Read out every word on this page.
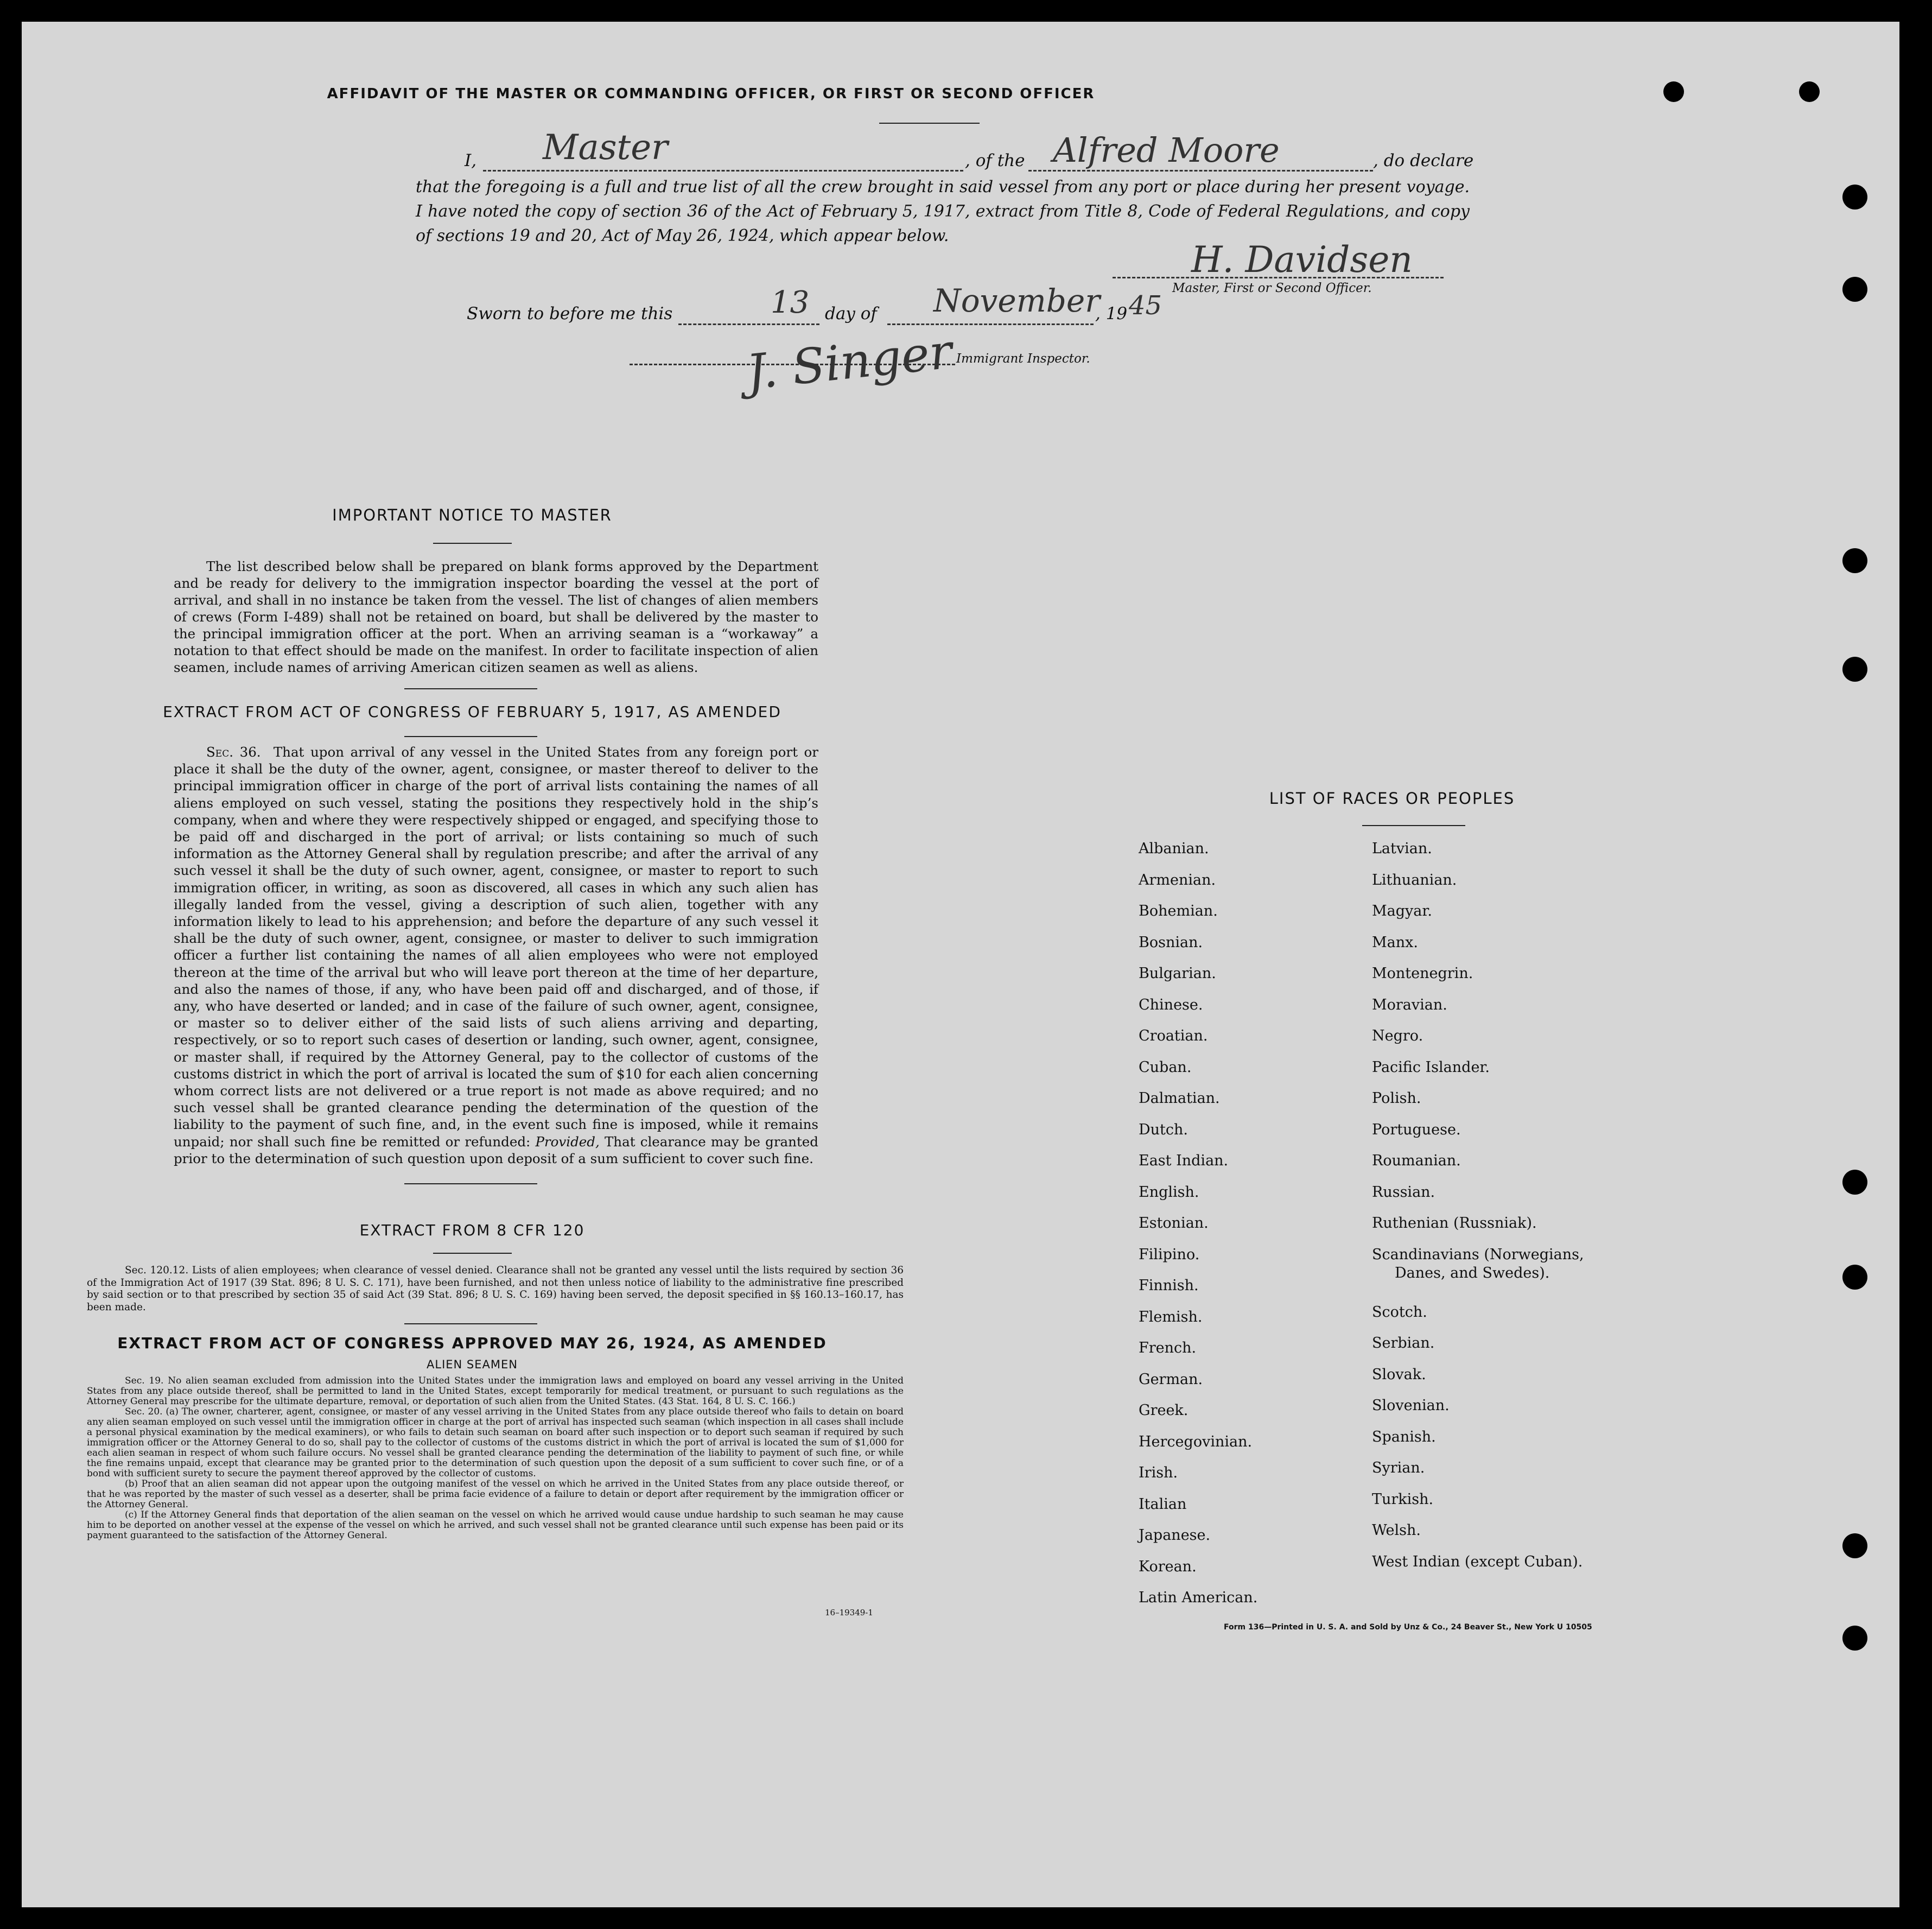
AFFIDAVIT OF THE MASTER OR COMMANDING OFFICER, OR FIRST OR SECOND OFFICER
I, Master	, of the Alfred Moore	, do declare
that the foregoing is a full and true list of all the crew brought in said vessel from any port or place during her present voyage. I have noted the copy of section 36 of the Act of February 5, 1917, extract from Title 8, Code of Federal Regulations, and copy of sections 19 and 20, Act of May 26, 1924, which appear below.
H. Davidsen
Master, First or Second Officer.
Sworn to before me this	13 day of November
, 19 45
J. Singer Immigrant Inspector.
IMPORTANT NOTICE TO MASTER
The list described below shall be prepared on blank forms approved by the Department and be ready for delivery to the immigration inspector boarding the vessel at the port of arrival, and shall in no instance be taken from the vessel. The list of changes of alien members of crews (Form I-489) shall not be retained on board, but shall be delivered by the master to the principal immigration officer at the port. When an arriving seaman is a “workaway” a notation to that effect should be made on the manifest. In order to facilitate inspection of alien seamen, include names of arriving American citizen seamen as well as aliens.
EXTRACT FROM ACT OF CONGRESS OF FEBRUARY 5, 1917, AS AMENDED
Sec. 36. That upon arrival of any vessel in the United States from any foreign port or place it shall be the duty of the owner, agent, consignee, or master thereof to deliver to the principal immigration officer in charge of the port of arrival lists containing the names of all aliens employed on such vessel, stating the positions they respectively hold in the ship’s company, when and where they were respectively shipped or engaged, and specifying those to be paid off and discharged in the port of arrival; or lists containing so much of such information as the Attorney General shall by regulation prescribe; and after the arrival of any such vessel it shall be the duty of such owner, agent, consignee, or master to report to such immigration officer, in writing, as soon as discovered, all cases in which any such alien has illegally landed from the vessel, giving a description of such alien, together with any information likely to lead to his apprehension; and before the departure of any such vessel it shall be the duty of such owner, agent, consignee, or master to deliver to such immigration officer a further list containing the names of all alien employees who were not employed thereon at the time of the arrival but who will leave port thereon at the time of her departure, and also the names of those, if any, who have been paid off and discharged, and of those, if any, who have deserted or landed; and in case of the failure of such owner, agent, consignee, or master so to deliver either of the said lists of such aliens arriving and departing, respectively, or so to report such cases of desertion or landing, such owner, agent, consignee, or master shall, if required by the Attorney General, pay to the collector of customs of the customs district in which the port of arrival is located the sum of $10 for each alien concerning whom correct lists are not delivered or a true report is not made as above required; and no such vessel shall be granted clearance pending the determination of the question of the liability to the payment of such fine, and, in the event such fine is imposed, while it remains unpaid; nor shall such fine be remitted or refunded: Provided, That clearance may be granted prior to the determination of such question upon deposit of a sum sufficient to cover such fine.
EXTRACT FROM 8 CFR 120
Sec. 120.12. Lists of alien employees; when clearance of vessel denied. Clearance shall not be granted any vessel until the lists required by section 36 of the Immigration Act of 1917 (39 Stat. 896; 8 U. S. C. 171), have been furnished, and not then unless notice of liability to the administrative fine prescribed by said section or to that prescribed by section 35 of said Act (39 Stat. 896; 8 U. S. C. 169) having been served, the deposit specified in §§ 160.13–160.17, has been made.
EXTRACT FROM ACT OF CONGRESS APPROVED MAY 26, 1924, AS AMENDED
ALIEN SEAMEN
Sec. 19. No alien seaman excluded from admission into the United States under the immigration laws and employed on board any vessel arriving in the United States from any place outside thereof, shall be permitted to land in the United States, except temporarily for medical treatment, or pursuant to such regulations as the Attorney General may prescribe for the ultimate departure, removal, or deportation of such alien from the United States. (43 Stat. 164, 8 U. S. C. 166.)
Sec. 20. (a) The owner, charterer, agent, consignee, or master of any vessel arriving in the United States from any place outside thereof who fails to detain on board any alien seaman employed on such vessel until the immigration officer in charge at the port of arrival has inspected such seaman (which inspection in all cases shall include a personal physical examination by the medical examiners), or who fails to detain such seaman on board after such inspection or to deport such seaman if required by such immigration officer or the Attorney General to do so, shall pay to the collector of customs of the customs district in which the port of arrival is located the sum of $1,000 for each alien seaman in respect of whom such failure occurs. No vessel shall be granted clearance pending the determination of the liability to payment of such fine, or while the fine remains unpaid, except that clearance may be granted prior to the determination of such question upon the deposit of a sum sufficient to cover such fine, or of a bond with sufficient surety to secure the payment thereof approved by the collector of customs.
(b) Proof that an alien seaman did not appear upon the outgoing manifest of the vessel on which he arrived in the United States from any place outside thereof, or that he was reported by the master of such vessel as a deserter, shall be prima facie evidence of a failure to detain or deport after requirement by the immigration officer or the Attorney General.
(c) If the Attorney General finds that deportation of the alien seaman on the vessel on which he arrived would cause undue hardship to such seaman he may cause him to be deported on another vessel at the expense of the vessel on which he arrived, and such vessel shall not be granted clearance until such expense has been paid or its payment guaranteed to the satisfaction of the Attorney General.
16–19349-1
LIST OF RACES OR PEOPLES
Albanian.
Armenian.
Bohemian.
Bosnian.
Bulgarian.
Chinese.
Croatian.
Cuban.
Dalmatian.
Dutch.
East Indian.
English.
Estonian.
Filipino.
Finnish.
Flemish.
French.
German.
Greek.
Hercegovinian.
Irish.
Italian
Japanese.
Korean.
Latin American.
Latvian.
Lithuanian.
Magyar.
Manx.
Montenegrin.
Moravian.
Negro.
Pacific Islander.
Polish.
Portuguese.
Roumanian.
Russian.
Ruthenian (Russniak).
Scandinavians (Norwegians,
Danes, and Swedes).
Scotch.
Serbian.
Slovak.
Slovenian.
Spanish.
Syrian.
Turkish.
Welsh.
West Indian (except Cuban).
Form 136—Printed in U. S. A. and Sold by Unz & Co., 24 Beaver St., New York U 10505
